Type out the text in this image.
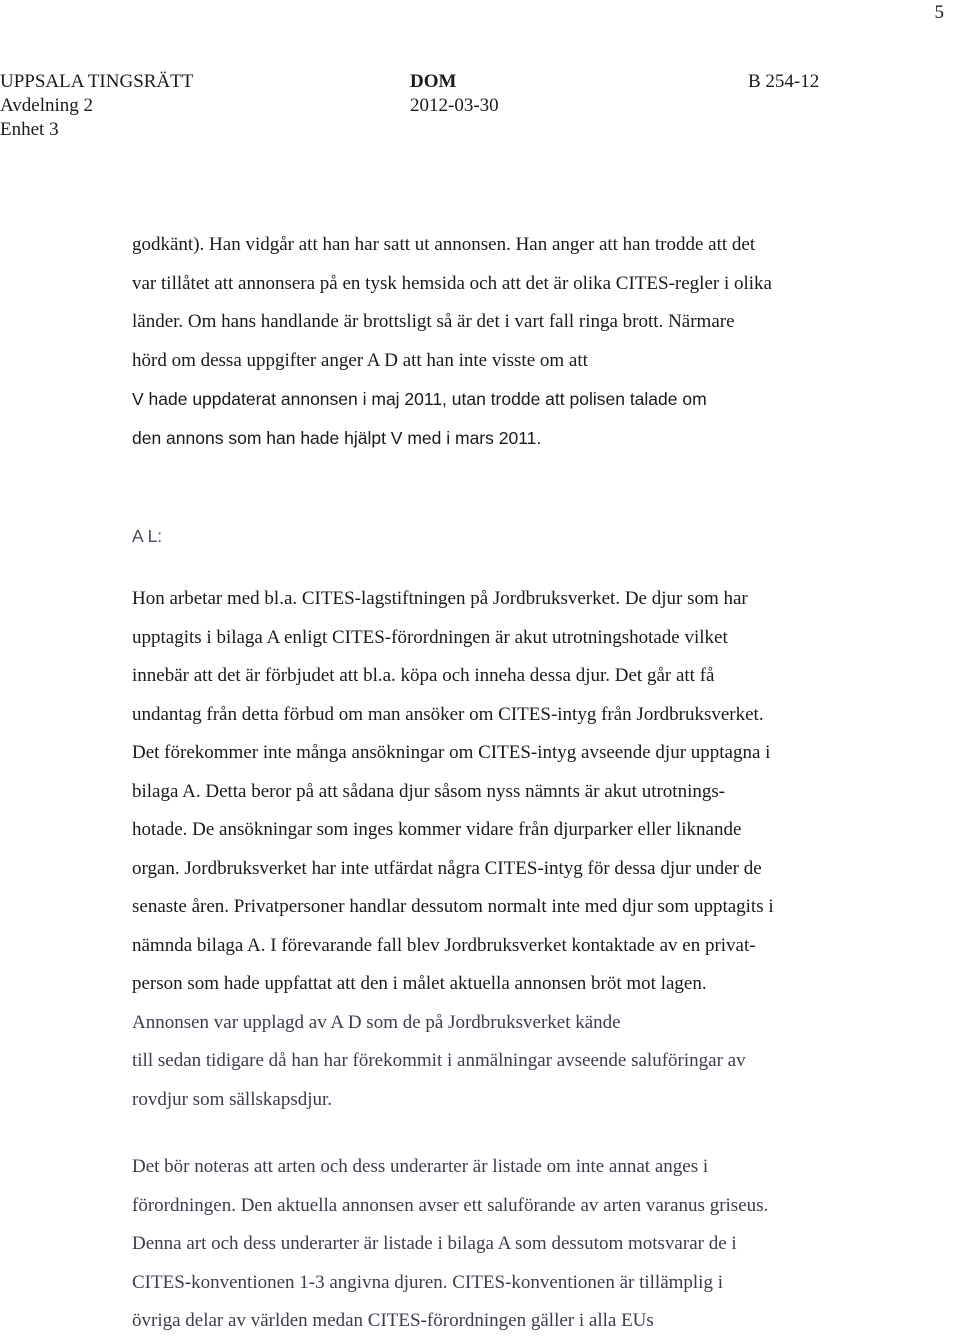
5
UPPSALA TINGSRÄTT
Avdelning 2
Enhet 3
DOM
2012-03-30
B 254-12
godkänt). Han vidgår att han har satt ut annonsen. Han anger att han trodde att det
var tillåtet att annonsera på en tysk hemsida och att det är olika CITES-regler i olika
länder. Om hans handlande är brottsligt så är det i vart fall ringa brott. Närmare
hörd om dessa uppgifter anger A D att han inte visste om att
V hade uppdaterat annonsen i maj 2011, utan trodde att polisen talade om
den annons som han hade hjälpt V med i mars 2011.
A L:
Hon arbetar med bl.a. CITES-lagstiftningen på Jordbruksverket. De djur som har
upptagits i bilaga A enligt CITES-förordningen är akut utrotningshotade vilket
innebär att det är förbjudet att bl.a. köpa och inneha dessa djur. Det går att få
undantag från detta förbud om man ansöker om CITES-intyg från Jordbruksverket.
Det förekommer inte många ansökningar om CITES-intyg avseende djur upptagna i
bilaga A. Detta beror på att sådana djur såsom nyss nämnts är akut utrotnings-
hotade. De ansökningar som inges kommer vidare från djurparker eller liknande
organ. Jordbruksverket har inte utfärdat några CITES-intyg för dessa djur under de
senaste åren. Privatpersoner handlar dessutom normalt inte med djur som upptagits i
nämnda bilaga A. I förevarande fall blev Jordbruksverket kontaktade av en privat-
person som hade uppfattat att den i målet aktuella annonsen bröt mot lagen.
Annonsen var upplagd av A D som de på Jordbruksverket kände
till sedan tidigare då han har förekommit i anmälningar avseende saluföringar av
rovdjur som sällskapsdjur.
Det bör noteras att arten och dess underarter är listade om inte annat anges i
förordningen. Den aktuella annonsen avser ett saluförande av arten varanus griseus.
Denna art och dess underarter är listade i bilaga A som dessutom motsvarar de i
CITES-konventionen 1-3 angivna djuren. CITES-konventionen är tillämplig i
övriga delar av världen medan CITES-förordningen gäller i alla EUs
